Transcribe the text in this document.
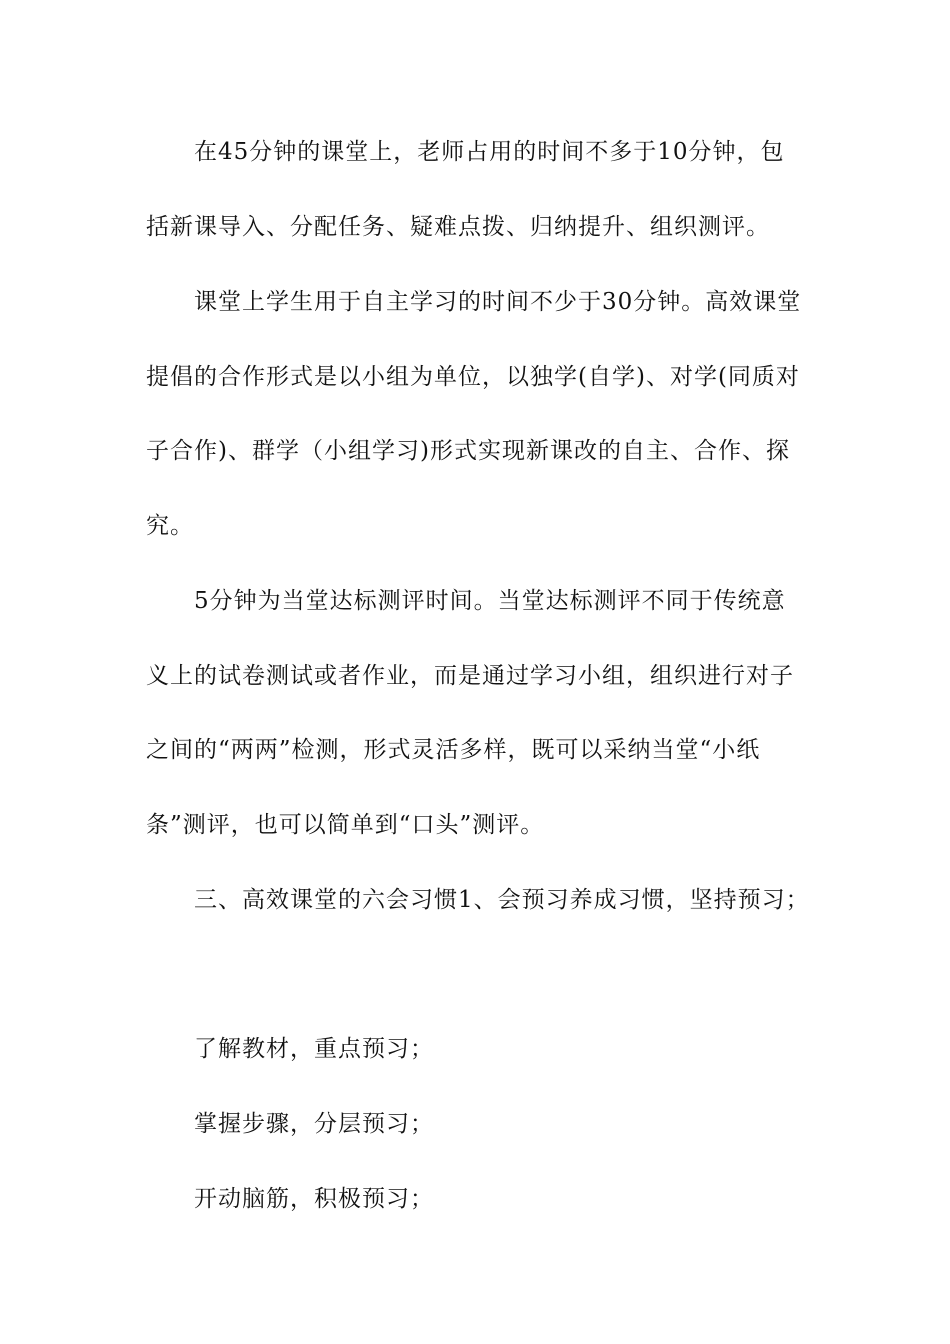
在45分钟的课堂上，老师占用的时间不多于10分钟，包
括新课导入、分配任务、疑难点拨、归纳提升、组织测评。
课堂上学生用于自主学习的时间不少于30分钟。高效课堂
提倡的合作形式是以小组为单位，以独学(自学)、对学(同质对
子合作)、群学（小组学习)形式实现新课改的自主、合作、探
究。
5分钟为当堂达标测评时间。当堂达标测评不同于传统意
义上的试卷测试或者作业，而是通过学习小组，组织进行对子
之间的“两两”检测，形式灵活多样，既可以采纳当堂“小纸
条”测评，也可以简单到“口头”测评。
三、高效课堂的六会习惯1、会预习养成习惯，坚持预习；
了解教材，重点预习；
掌握步骤，分层预习；
开动脑筋，积极预习；
